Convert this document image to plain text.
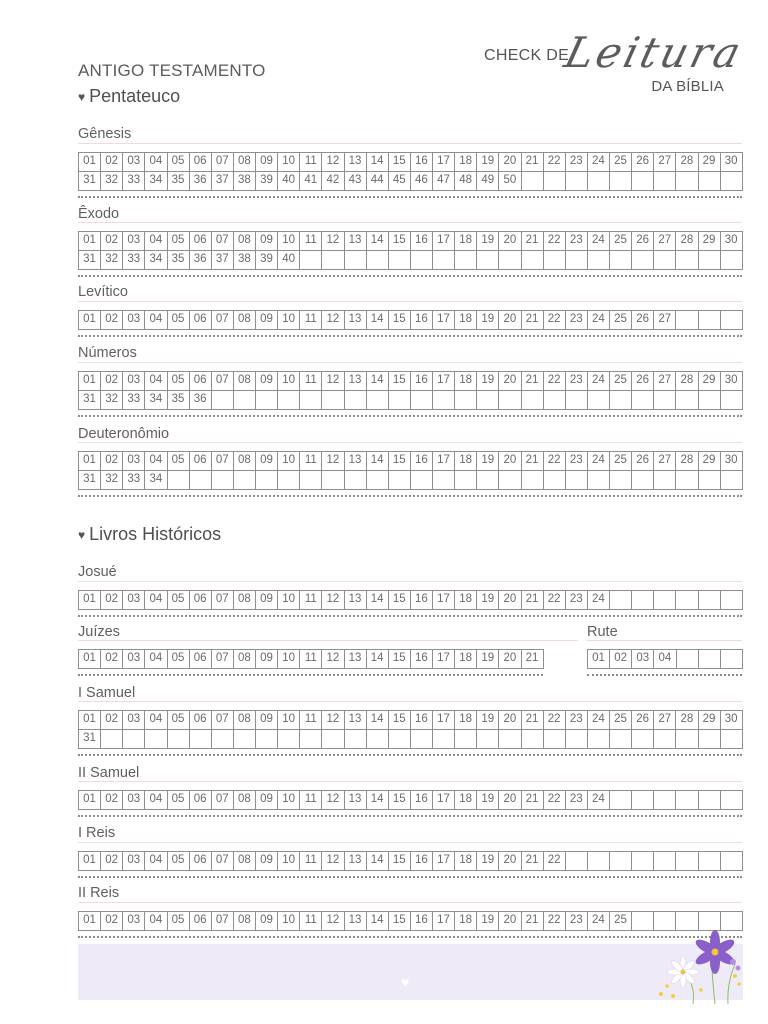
ANTIGO TESTAMENTO
CHECK DE
Leitura
DA BÍBLIA
♥ Pentateuco
♥ Livros Históricos
Gênesis
01	02	03	04	05	06	07	08	09	10	11	12	13	14	15	16	17	18	19	20	21	22	23	24	25	26	27	28	29	30
31	32	33	34	35	36	37	38	39	40	41	42	43	44	45	46	47	48	49	50										
Êxodo
01	02	03	04	05	06	07	08	09	10	11	12	13	14	15	16	17	18	19	20	21	22	23	24	25	26	27	28	29	30
31	32	33	34	35	36	37	38	39	40																				
Levítico
01	02	03	04	05	06	07	08	09	10	11	12	13	14	15	16	17	18	19	20	21	22	23	24	25	26	27			
Números
01	02	03	04	05	06	07	08	09	10	11	12	13	14	15	16	17	18	19	20	21	22	23	24	25	26	27	28	29	30
31	32	33	34	35	36																								
Deuteronômio
01	02	03	04	05	06	07	08	09	10	11	12	13	14	15	16	17	18	19	20	21	22	23	24	25	26	27	28	29	30
31	32	33	34																										
Josué
01	02	03	04	05	06	07	08	09	10	11	12	13	14	15	16	17	18	19	20	21	22	23	24						
Juízes
01	02	03	04	05	06	07	08	09	10	11	12	13	14	15	16	17	18	19	20	21
Rute
01	02	03	04			
I Samuel
01	02	03	04	05	06	07	08	09	10	11	12	13	14	15	16	17	18	19	20	21	22	23	24	25	26	27	28	29	30
31																													
II Samuel
01	02	03	04	05	06	07	08	09	10	11	12	13	14	15	16	17	18	19	20	21	22	23	24						
I Reis
01	02	03	04	05	06	07	08	09	10	11	12	13	14	15	16	17	18	19	20	21	22								
II Reis
01	02	03	04	05	06	07	08	09	10	11	12	13	14	15	16	17	18	19	20	21	22	23	24	25					
♥
